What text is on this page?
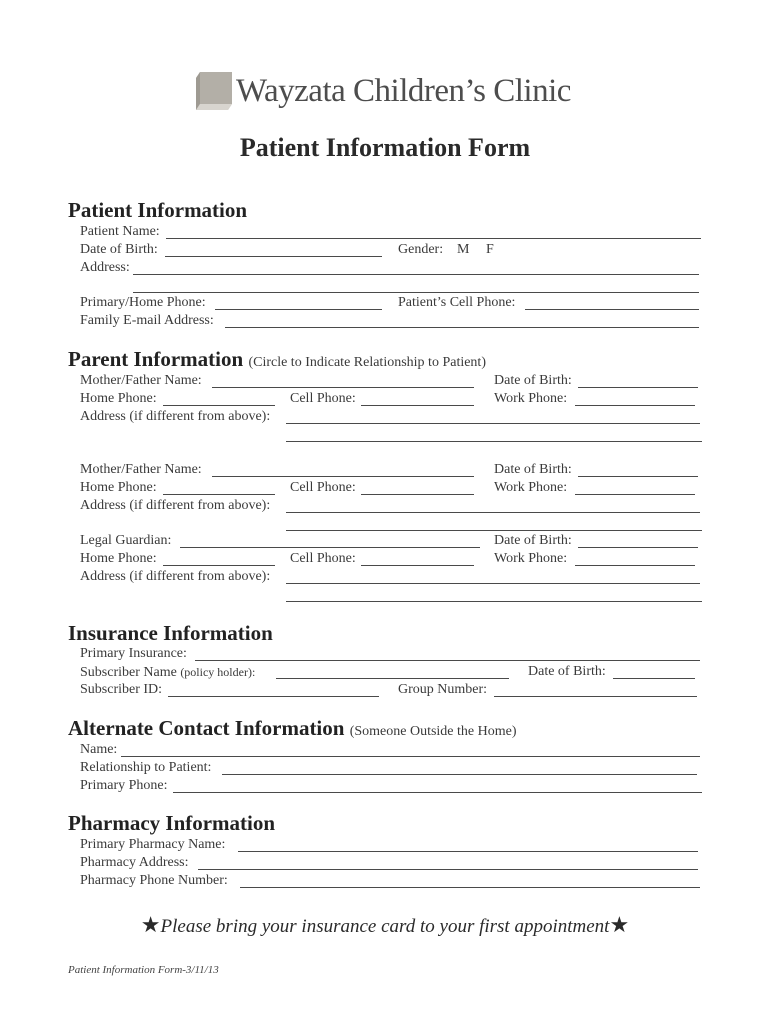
Wayzata Children’s Clinic
Patient Information Form
Patient Information
Patient Name:
Date of Birth:	Gender: M F
Address:
Primary/Home Phone:	Patient’s Cell Phone:
Family E-mail Address:
Parent Information (Circle to Indicate Relationship to Patient)
Mother/Father Name:	Date of Birth:
Home Phone:	Cell Phone:	Work Phone:
Address (if different from above):
Mother/Father Name:	Date of Birth:
Home Phone:	Cell Phone:	Work Phone:
Address (if different from above):
Legal Guardian:	Date of Birth:
Home Phone:	Cell Phone:	Work Phone:
Address (if different from above):
Insurance Information
Primary Insurance:
Subscriber Name (policy holder):	Date of Birth:
Subscriber ID:	Group Number:
Alternate Contact Information (Someone Outside the Home)
Name:
Relationship to Patient:
Primary Phone:
Pharmacy Information
Primary Pharmacy Name:
Pharmacy Address:
Pharmacy Phone Number:
★Please bring your insurance card to your first appointment★
Patient Information Form-3/11/13
